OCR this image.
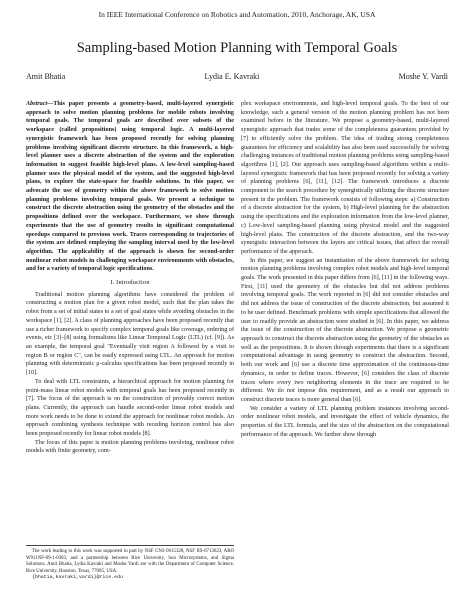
In IEEE International Conference on Robotics and Automation, 2010, Anchorage, AK, USA
Sampling-based Motion Planning with Temporal Goals
Amit Bhatia	Lydia E. Kavraki	Moshe Y. Vardi

Abstract—This paper presents a geometry-based, multi-layered synergistic approach to solve motion planning problems for mobile robots involving temporal goals. The temporal goals are described over subsets of the workspace (called propositions) using temporal logic. A multi-layered synergistic framework has been proposed recently for solving planning problems involving significant discrete structure. In this framework, a high-level planner uses a discrete abstraction of the system and the exploration information to suggest feasible high-level plans. A low-level sampling-based planner uses the physical model of the system, and the suggested high-level plans, to explore the state-space for feasible solutions. In this paper, we advocate the use of geometry within the above framework to solve motion planning problems involving temporal goals. We present a technique to construct the discrete abstraction using the geometry of the obstacles and the propositions defined over the workspace. Furthermore, we show through experiments that the use of geometry results in significant computational speedups compared to previous work. Traces corresponding to trajectories of the system are defined employing the sampling interval used by the low-level algorithm. The applicability of the approach is shown for second-order nonlinear robot models in challenging workspace environments with obstacles, and for a variety of temporal logic specifications.

I. Introduction

Traditional motion planning algorithms have considered the problem of constructing a motion plan for a given robot model, such that the plan takes the robot from a set of initial states to a set of goal states while avoiding obstacles in the workspace [1], [2]. A class of planning approaches have been proposed recently that use a richer framework to specify complex temporal goals like coverage, ordering of events, etc [3]–[8] using formalisms like Linear Temporal Logic (LTL) (cf. [9]). As an example, the temporal goal "Eventually visit region A followed by a visit to region B or region C", can be easily expressed using LTL. An approach for motion planning with deterministic μ-calculus specifications has been proposed recently in [10].

To deal with LTL constraints, a hierarchical approach for motion planning for point-mass linear robot models with temporal goals has been proposed recently in [7]. The focus of the approach is on the construction of provably correct motion plans. Currently, the approach can handle second-order linear robot models and more work needs to be done to extend the approach for nonlinear robot models. An approach combining synthesis technique with receding horizon control has also been proposed recently for linear robot models [8].

The focus of this paper is motion planning problems involving, nonlinear robot models with finite geometry, com-

The work leading to this work was supported in part by NSF CNS 0615328, NSF IIS-0713623, ARO W911NF-09-1-0383, and a partnership between Rice University, Sun Microsystems, and Sigma Solutions. Amit Bhatia, Lydia Kavraki and Moshe Vardi are with the Department of Computer Science, Rice University, Houston, Texas, 77005, USA.
{bhatia,kavraki,vardi}@rice.edu

plex workspace environments, and high-level temporal goals. To the best of our knowledge, such a general version of the motion planning problem has not been examined before in the literature. We propose a geometry-based, multi-layered synergistic approach that trades some of the completeness guarantees provided by [7] to efficiently solve the problem. The idea of trading strong completeness guarantees for efficiency and scalability has also been used successfully for solving challenging instances of traditional motion planning problems using sampling-based algorithms [1], [2]. Our approach uses sampling-based algorithms within a multi-layered synergistic framework that has been proposed recently for solving a variety of planning problems [6], [11], [12]. The framework introduces a discrete component to the search procedure by synergistically utilizing the discrete structure present in the problem. The framework consists of following steps: a) Construction of a discrete abstraction for the system, b) High-level planning for the abstraction using the specifications and the exploration information from the low-level planner, c) Low-level sampling-based planning using physical model and the suggested high-level plans. The construction of the discrete abstraction, and the two-way synergistic interaction between the layers are critical issues, that affect the overall performance of the approach.

In this paper, we suggest an instantiation of the above framework for solving motion planning problems involving complex robot models and high-level temporal goals. The work presented in this paper differs from [6], [11] in the following ways. First, [11] used the geometry of the obstacles but did not address problems involving temporal goals. The work reported in [6] did not consider obstacles and did not address the issue of construction of the discrete abstraction, but assumed it to be user defined. Benchmark problems with simple specifications that allowed the user to readily provide an abstraction were studied in [6]. In this paper, we address the issue of the construction of the discrete abstraction. We propose a geometric approach to construct the discrete abstraction using the geometry of the obstacles as well as the propositions. It is shown through experiments that there is a significant computational advantage in using geometry to construct the abstraction. Second, both our work and [6] use a discrete time approximation of the continuous-time dynamics, in order to define traces. However, [6] considers the class of discrete traces where every two neighboring elements in the trace are required to be different. We do not impose this requirement, and as a result our approach to construct discrete traces is more general than [6].

We consider a variety of LTL planning problem instances involving second-order nonlinear robot models, and investigate the effect of vehicle dynamics, the properties of the LTL formula, and the size of the abstraction on the computational performance of the approach. We further show through
